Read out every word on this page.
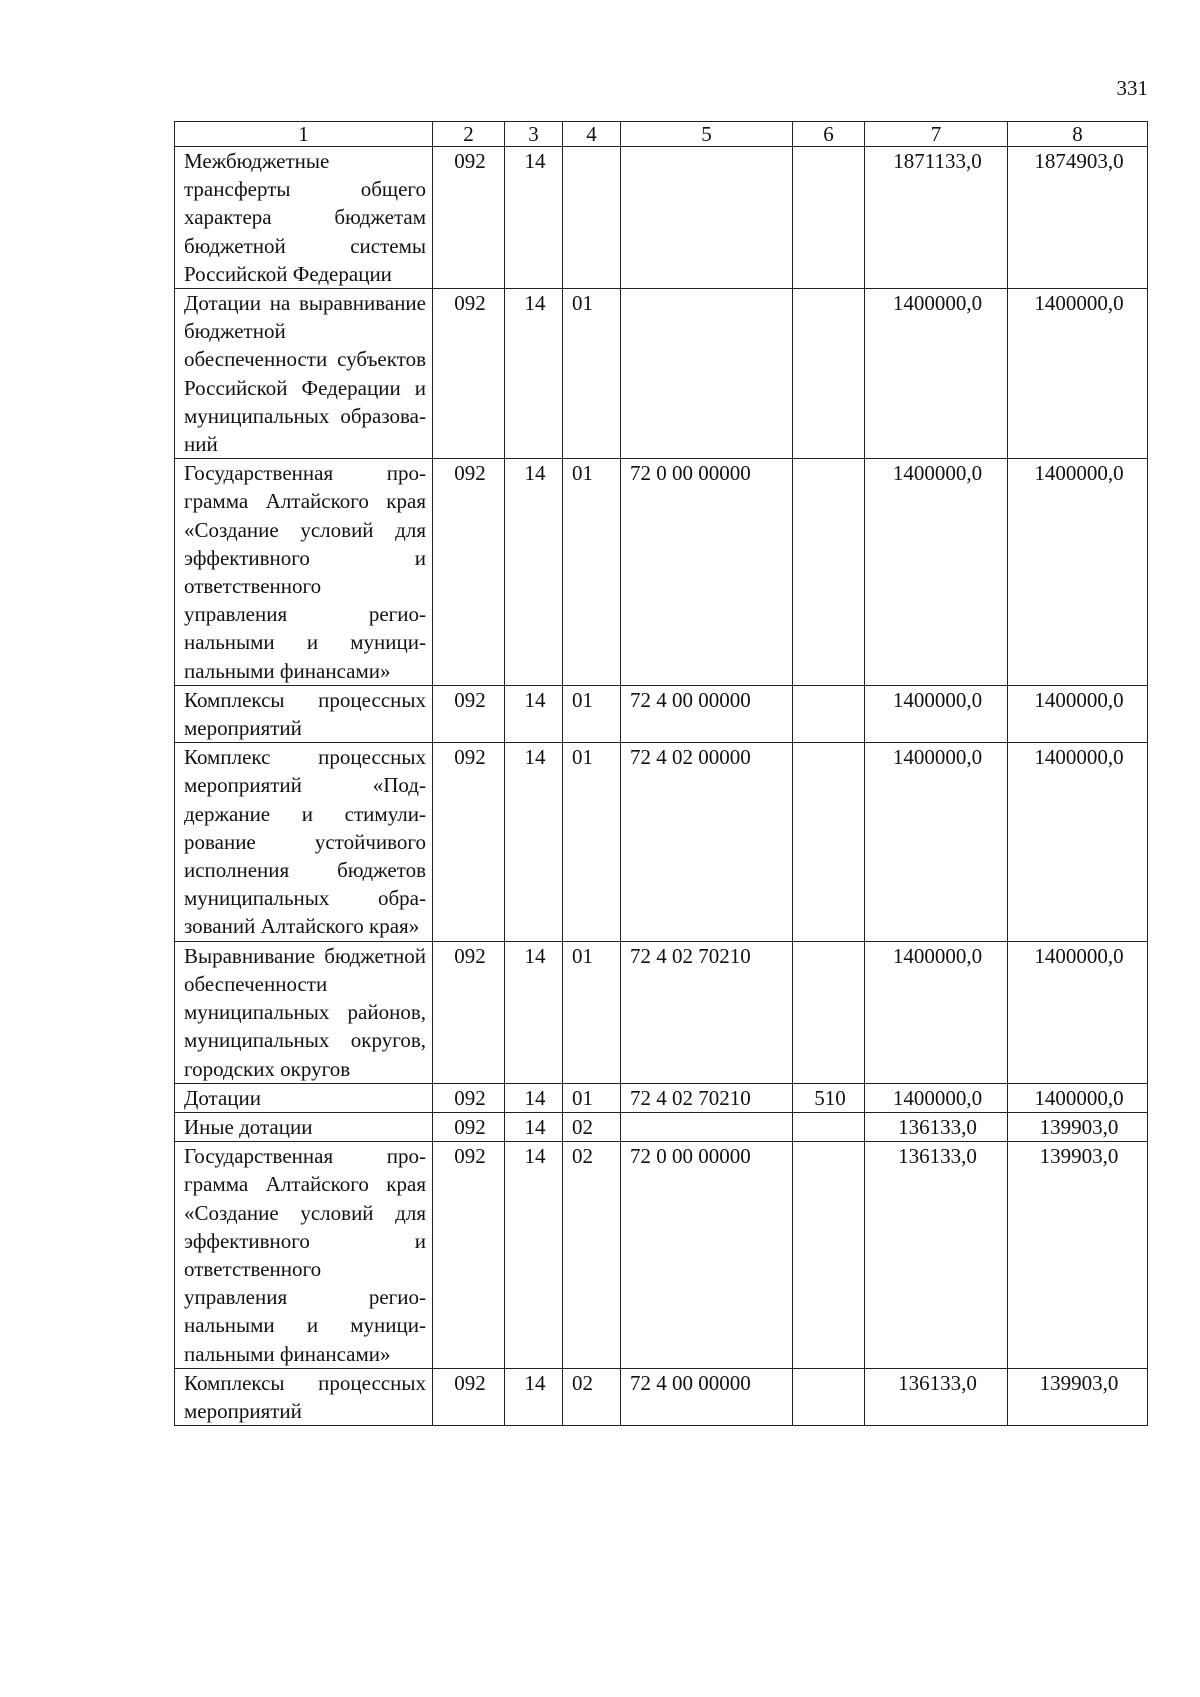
331
1	2	3	4	5	6	7	8
Межбюджетные трансферты общего характера бюджетам бюджетной системы Российской Федерации	092	14				1871133,0	1874903,0
Дотации на выравнивание бюджетной обеспеченности субъектов Российской Федерации и муниципальных образований	092	14	01			1400000,0	1400000,0
Государственная программа Алтайского края «Создание условий для эффективного и ответственного управления региональными и муниципальными финансами»	092	14	01	72 0 00 00000		1400000,0	1400000,0
Комплексы процессных мероприятий	092	14	01	72 4 00 00000		1400000,0	1400000,0
Комплекс процессных мероприятий «Поддержание и стимулирование устойчивого исполнения бюджетов муниципальных образований Алтайского края»	092	14	01	72 4 02 00000		1400000,0	1400000,0
Выравнивание бюджетной обеспеченности муниципальных районов, муниципальных округов, городских округов	092	14	01	72 4 02 70210		1400000,0	1400000,0
Дотации	092	14	01	72 4 02 70210	510	1400000,0	1400000,0
Иные дотации	092	14	02			136133,0	139903,0
Государственная программа Алтайского края «Создание условий для эффективного и ответственного управления региональными и муниципальными финансами»	092	14	02	72 0 00 00000		136133,0	139903,0
Комплексы процессных мероприятий	092	14	02	72 4 00 00000		136133,0	139903,0
